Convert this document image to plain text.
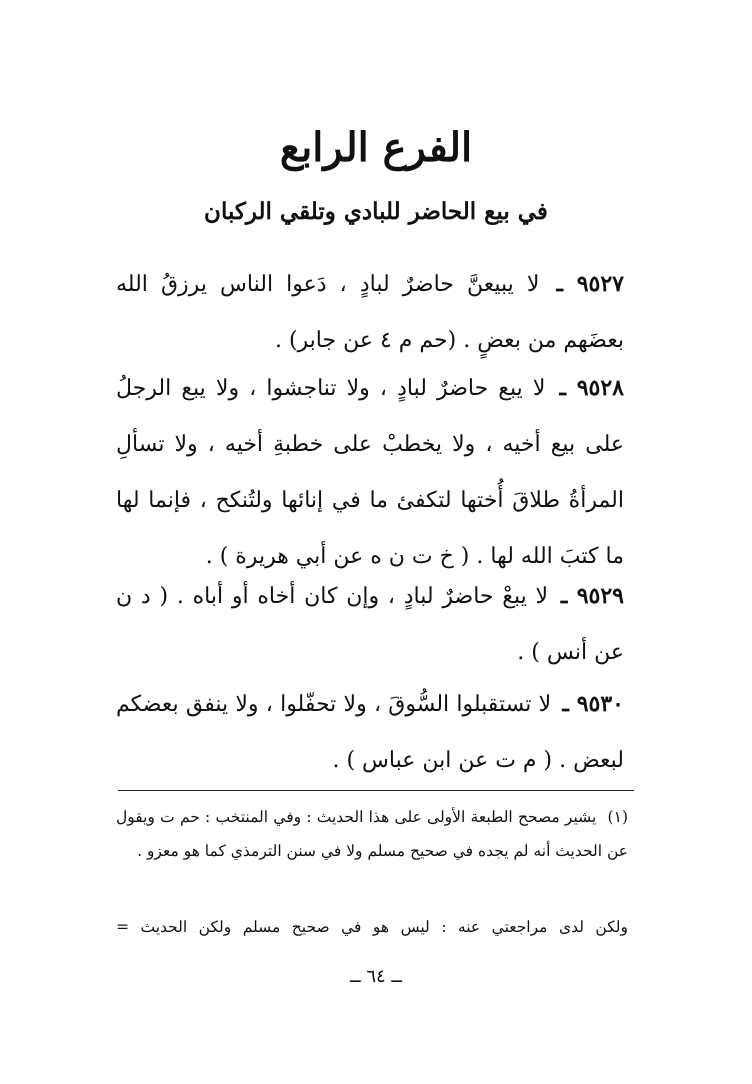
الفرع الرابع
في بيع الحاضر للبادي وتلقي الركبان
٩٥٢٧ ـ لا يبيعنَّ حاضرٌ لبادٍ ، دَعوا الناس يرزقُ الله بعضَهم من بعضٍ . (حم م ٤ عن جابر) .
٩٥٢٨ ـ لا يبع حاضرٌ لبادٍ ، ولا تناجشوا ، ولا يبع الرجلُ على بيع أخيه ، ولا يخطبْ على خطبةِ أخيه ، ولا تسألِ المرأةُ طلاقَ أُختها لتكفئ ما في إنائها ولتُنكح ، فإنما لها ما كتبَ الله لها . ( خ ت ن ه عن أبي هريرة ) .
٩٥٢٩ ـ لا يبعْ حاضرٌ لبادٍ ، وإن كان أخاه أو أباه . ( د ن عن أنس ) .
٩٥٣٠ ـ لا تستقبلوا السُّوقَ ، ولا تحفّلوا ، ولا ينفق بعضكم لبعض . ( م ت عن ابن عباس ) .
(١) يشير مصحح الطبعة الأولى على هذا الحديث : وفي المنتخب : حم ت ويقول عن الحديث أنه لم يجده في صحيح مسلم ولا في سنن الترمذي كما هو معزو .
ولكن لدى مراجعتي عنه : ليس هو في صحيح مسلم ولكن الحديث =
ــ ٦٤ ــ
